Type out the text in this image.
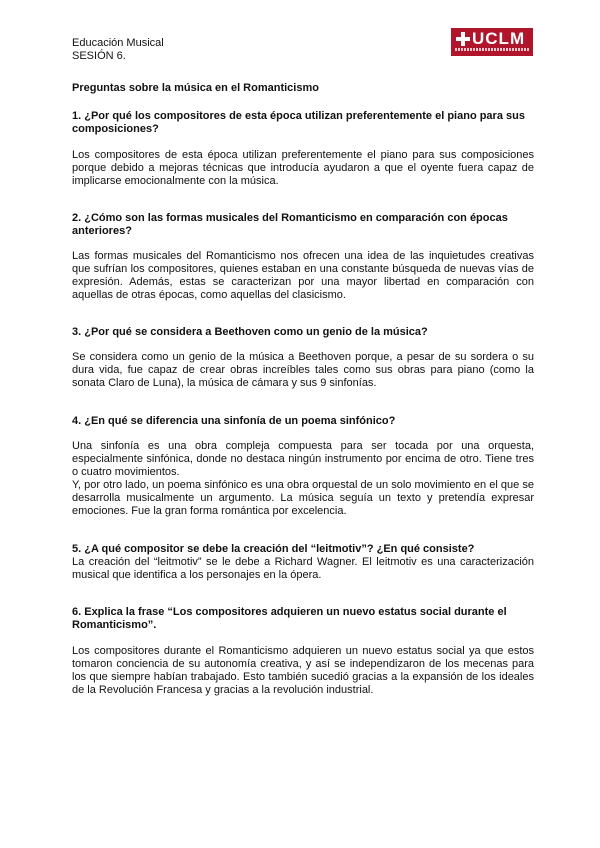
Educación Musical
SESIÓN 6.
UCLM
Preguntas sobre la música en el Romanticismo
1. ¿Por qué los compositores de esta época utilizan preferentemente el piano para sus composiciones?
Los compositores de esta época utilizan preferentemente el piano para sus composiciones porque debido a mejoras técnicas que introducía ayudaron a que el oyente fuera capaz de implicarse emocionalmente con la música.
2. ¿Cómo son las formas musicales del Romanticismo en comparación con épocas anteriores?
Las formas musicales del Romanticismo nos ofrecen una idea de las inquietudes creativas que sufrían los compositores, quienes estaban en una constante búsqueda de nuevas vías de expresión. Además, estas se caracterizan por una mayor libertad en comparación con aquellas de otras épocas, como aquellas del clasicismo.
3. ¿Por qué se considera a Beethoven como un genio de la música?
Se considera como un genio de la música a Beethoven porque, a pesar de su sordera o su dura vida, fue capaz de crear obras increíbles tales como sus obras para piano (como la sonata Claro de Luna), la música de cámara y sus 9 sinfonías.
4. ¿En qué se diferencia una sinfonía de un poema sinfónico?

Una sinfonía es una obra compleja compuesta para ser tocada por una orquesta, especialmente sinfónica, donde no destaca ningún instrumento por encima de otro. Tiene tres o cuatro movimientos.

Y, por otro lado, un poema sinfónico es una obra orquestal de un solo movimiento en el que se desarrolla musicalmente un argumento. La música seguía un texto y pretendía expresar emociones. Fue la gran forma romántica por excelencia.

5. ¿A qué compositor se debe la creación del “leitmotiv”? ¿En qué consiste?
La creación del “leitmotiv” se le debe a Richard Wagner. El leitmotiv es una caracterización musical que identifica a los personajes en la ópera.
6. Explica la frase “Los compositores adquieren un nuevo estatus social durante el Romanticismo”.
Los compositores durante el Romanticismo adquieren un nuevo estatus social ya que estos tomaron conciencia de su autonomía creativa, y así se independizaron de los mecenas para los que siempre habían trabajado. Esto también sucedió gracias a la expansión de los ideales de la Revolución Francesa y gracias a la revolución industrial.
